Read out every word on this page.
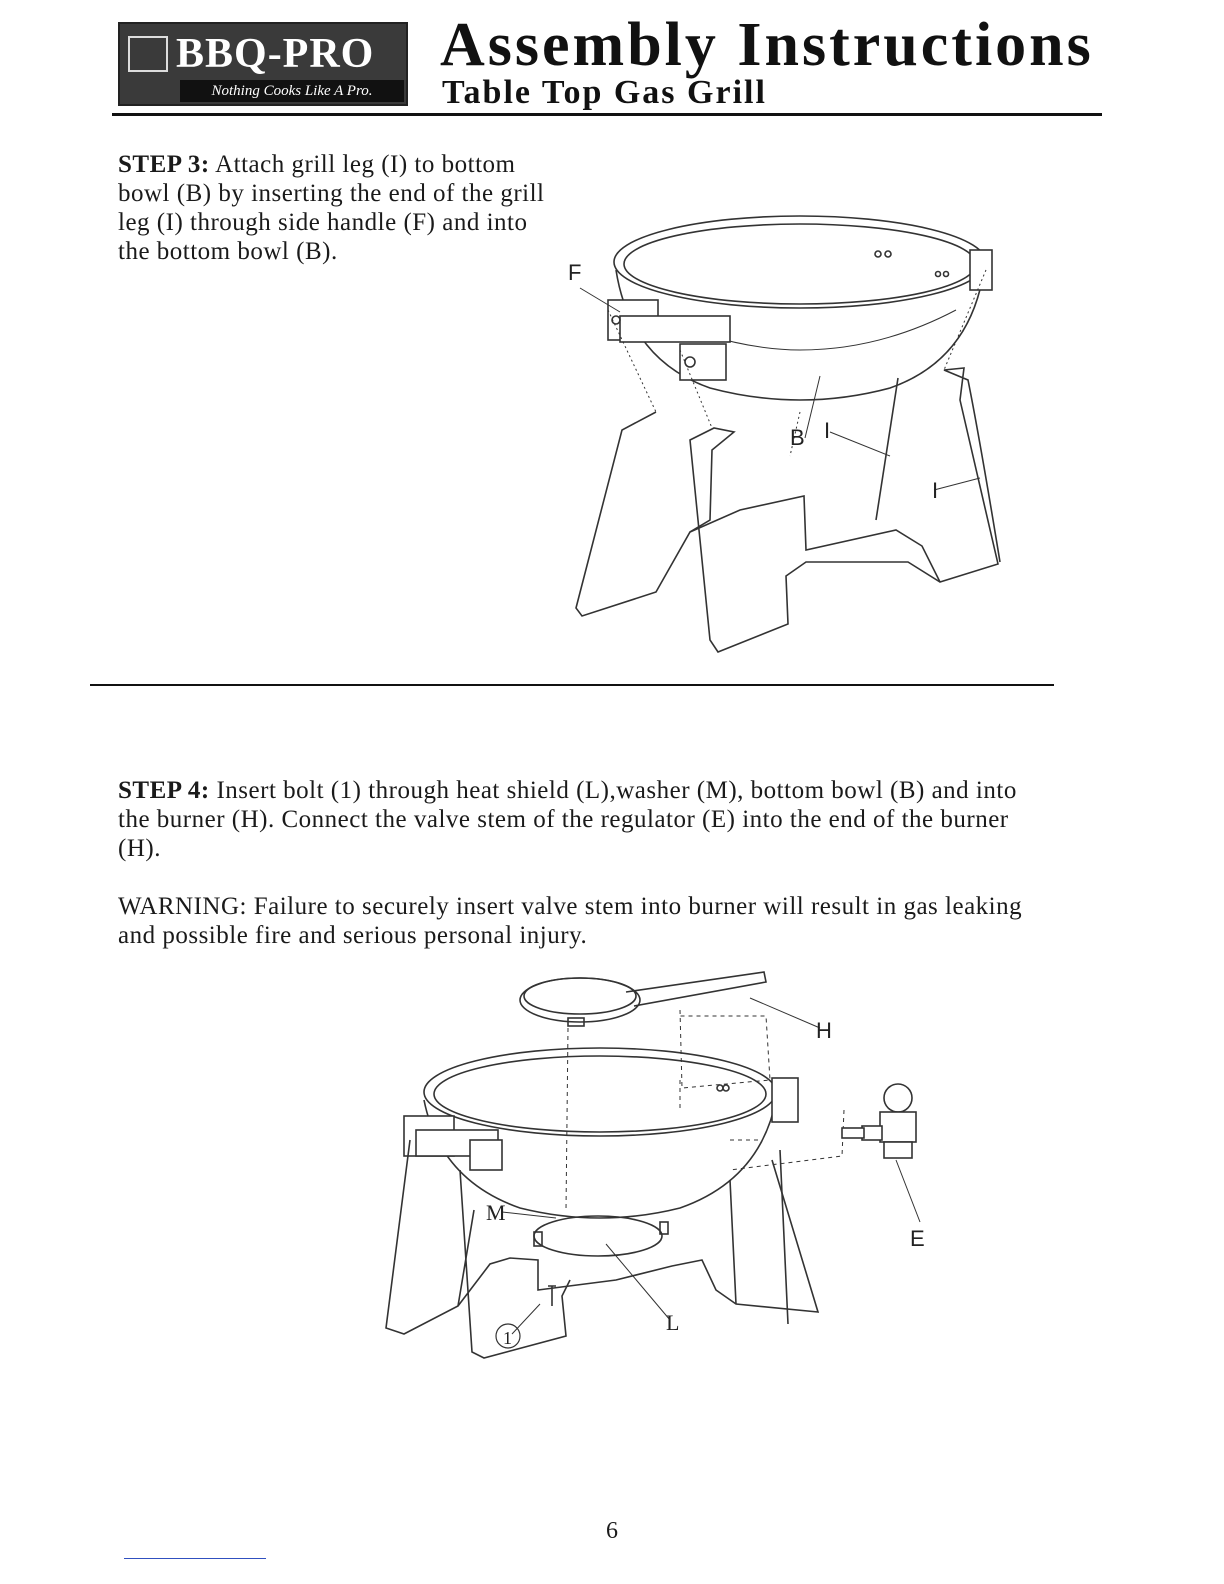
BBQ-PRO
Nothing Cooks Like A Pro.
Assembly Instructions
Table Top Gas Grill
STEP 3: Attach grill leg (I) to bottom bowl (B) by inserting the end of the grill leg (I) through side handle (F) and into the bottom bowl (B).
F
B I
I
STEP 4: Insert bolt (1) through heat shield (L),washer (M), bottom bowl (B) and into the burner (H). Connect the valve stem of the regulator (E) into the end of the burner (H).
WARNING: Failure to securely insert valve stem into burner will result in gas leaking and possible fire and serious personal injury.
H
E
M
L
1
6
